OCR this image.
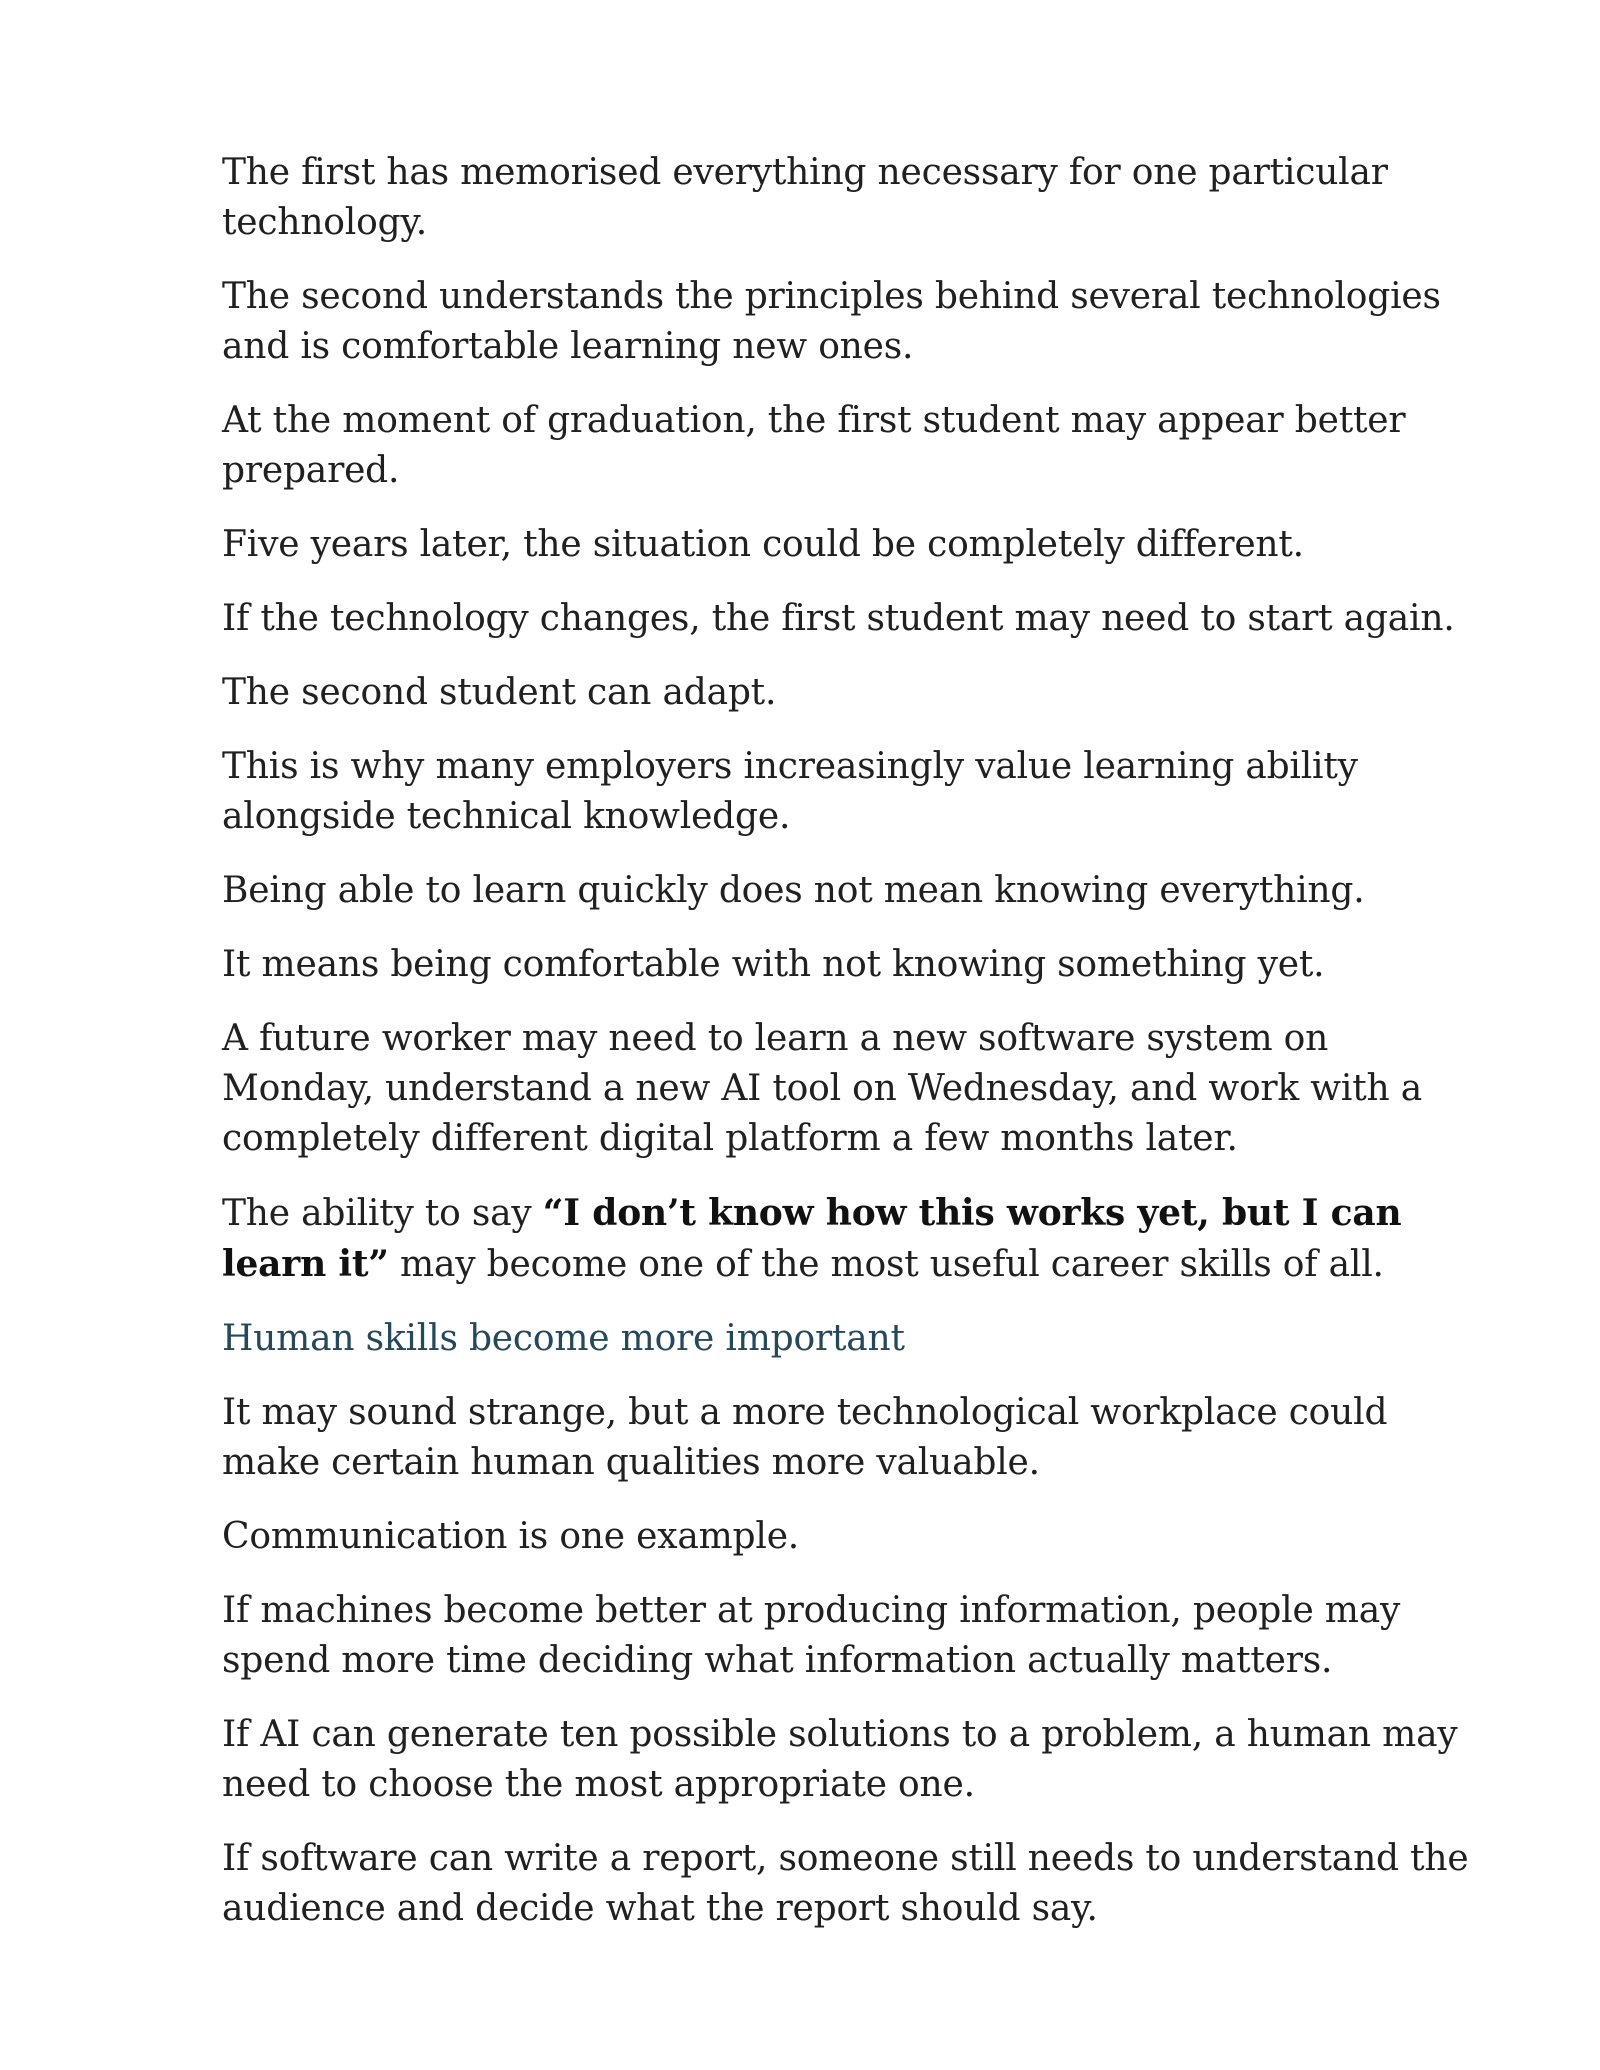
The first has memorised everything necessary for one particular technology.

The second understands the principles behind several technologies and is comfortable learning new ones.

At the moment of graduation, the first student may appear better prepared.

Five years later, the situation could be completely different.

If the technology changes, the first student may need to start again.

The second student can adapt.

This is why many employers increasingly value learning ability alongside technical knowledge.

Being able to learn quickly does not mean knowing everything.

It means being comfortable with not knowing something yet.

A future worker may need to learn a new software system on Monday, understand a new AI tool on Wednesday, and work with a completely different digital platform a few months later.

The ability to say “I don’t know how this works yet, but I can learn it” may become one of the most useful career skills of all.

Human skills become more important

It may sound strange, but a more technological workplace could make certain human qualities more valuable.

Communication is one example.

If machines become better at producing information, people may spend more time deciding what information actually matters.

If AI can generate ten possible solutions to a problem, a human may need to choose the most appropriate one.

If software can write a report, someone still needs to understand the audience and decide what the report should say.
